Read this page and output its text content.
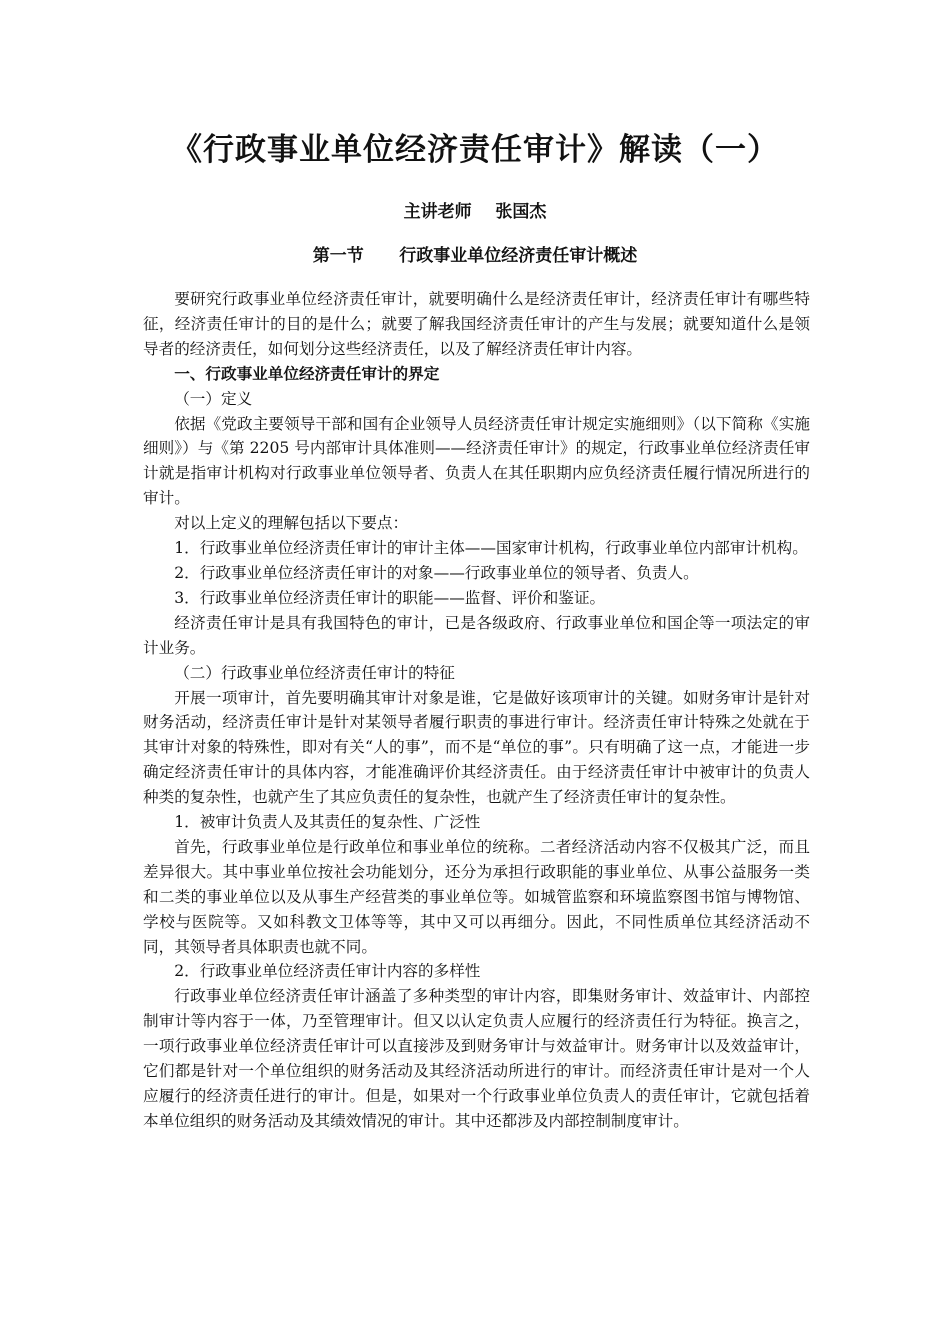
《行政事业单位经济责任审计》解读（一）
主讲老师    张国杰
第一节      行政事业单位经济责任审计概述

要研究行政事业单位经济责任审计，就要明确什么是经济责任审计，经济责任审计有哪些特征，经济责任审计的目的是什么；就要了解我国经济责任审计的产生与发展；就要知道什么是领导者的经济责任，如何划分这些经济责任，以及了解经济责任审计内容。

一、行政事业单位经济责任审计的界定

（一）定义

依据《党政主要领导干部和国有企业领导人员经济责任审计规定实施细则》（以下简称《实施细则》）与《第 2205 号内部审计具体准则——经济责任审计》的规定，行政事业单位经济责任审计就是指审计机构对行政事业单位领导者、负责人在其任职期内应负经济责任履行情况所进行的审计。

对以上定义的理解包括以下要点：

1．行政事业单位经济责任审计的审计主体——国家审计机构，行政事业单位内部审计机构。

2．行政事业单位经济责任审计的对象——行政事业单位的领导者、负责人。

3．行政事业单位经济责任审计的职能——监督、评价和鉴证。

经济责任审计是具有我国特色的审计，已是各级政府、行政事业单位和国企等一项法定的审计业务。

（二）行政事业单位经济责任审计的特征

开展一项审计，首先要明确其审计对象是谁，它是做好该项审计的关键。如财务审计是针对财务活动，经济责任审计是针对某领导者履行职责的事进行审计。经济责任审计特殊之处就在于其审计对象的特殊性，即对有关“人的事”，而不是“单位的事”。只有明确了这一点，才能进一步确定经济责任审计的具体内容，才能准确评价其经济责任。由于经济责任审计中被审计的负责人种类的复杂性，也就产生了其应负责任的复杂性，也就产生了经济责任审计的复杂性。

1．被审计负责人及其责任的复杂性、广泛性

首先，行政事业单位是行政单位和事业单位的统称。二者经济活动内容不仅极其广泛，而且差异很大。其中事业单位按社会功能划分，还分为承担行政职能的事业单位、从事公益服务一类和二类的事业单位以及从事生产经营类的事业单位等。如城管监察和环境监察图书馆与博物馆、学校与医院等。又如科教文卫体等等，其中又可以再细分。因此，不同性质单位其经济活动不同，其领导者具体职责也就不同。

2．行政事业单位经济责任审计内容的多样性

行政事业单位经济责任审计涵盖了多种类型的审计内容，即集财务审计、效益审计、内部控制审计等内容于一体，乃至管理审计。但又以认定负责人应履行的经济责任行为特征。换言之，一项行政事业单位经济责任审计可以直接涉及到财务审计与效益审计。财务审计以及效益审计，它们都是针对一个单位组织的财务活动及其经济活动所进行的审计。而经济责任审计是对一个人应履行的经济责任进行的审计。但是，如果对一个行政事业单位负责人的责任审计，它就包括着本单位组织的财务活动及其绩效情况的审计。其中还都涉及内部控制制度审计。
